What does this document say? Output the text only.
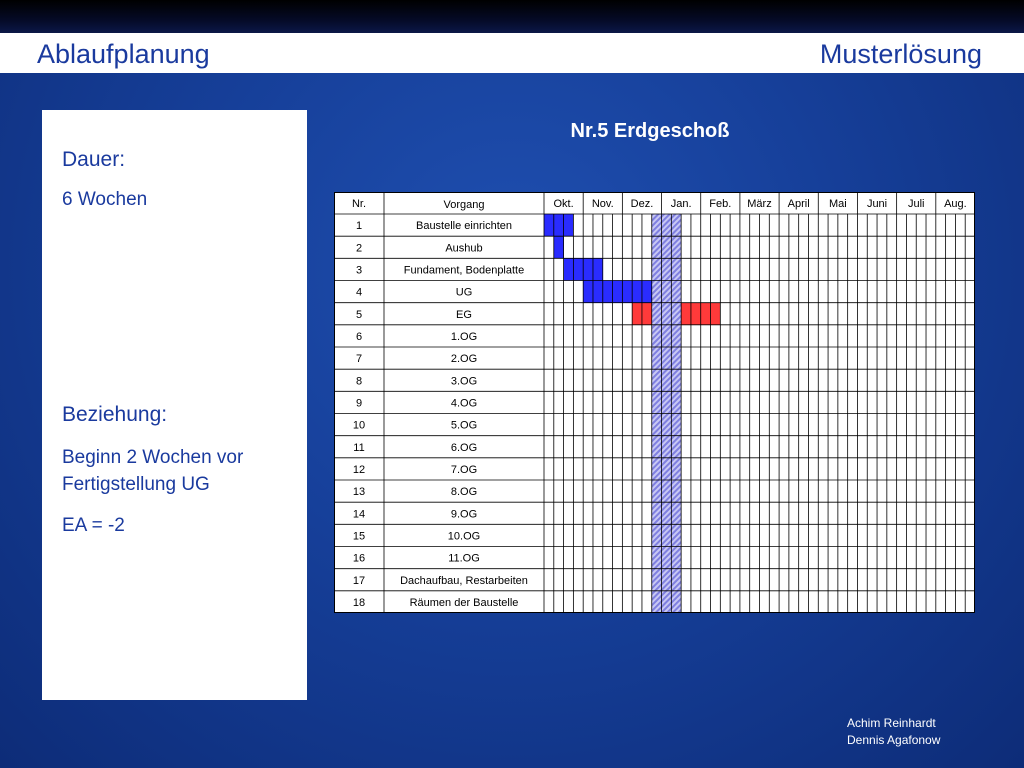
Ablaufplanung	Musterlösung
Dauer:
6 Wochen
Beziehung:
Beginn 2 Wochen vor
Fertigstellung UG
EA = -2
Nr.5 Erdgeschoß
Nr.	Vorgang	Okt. Nov. Dez. Jan. Feb. März April Mai Juni Juli Aug.
1	Baustelle einrichten
2	Aushub
3	Fundament, Bodenplatte
4	UG
5	EG
6	1.OG
7	2.OG
8	3.OG
9	4.OG
10	5.OG
11	6.OG
12	7.OG
13	8.OG
14	9.OG
15	10.OG
16	11.OG
17	Dachaufbau, Restarbeiten
18	Räumen der Baustelle
Achim Reinhardt
Dennis Agafonow
